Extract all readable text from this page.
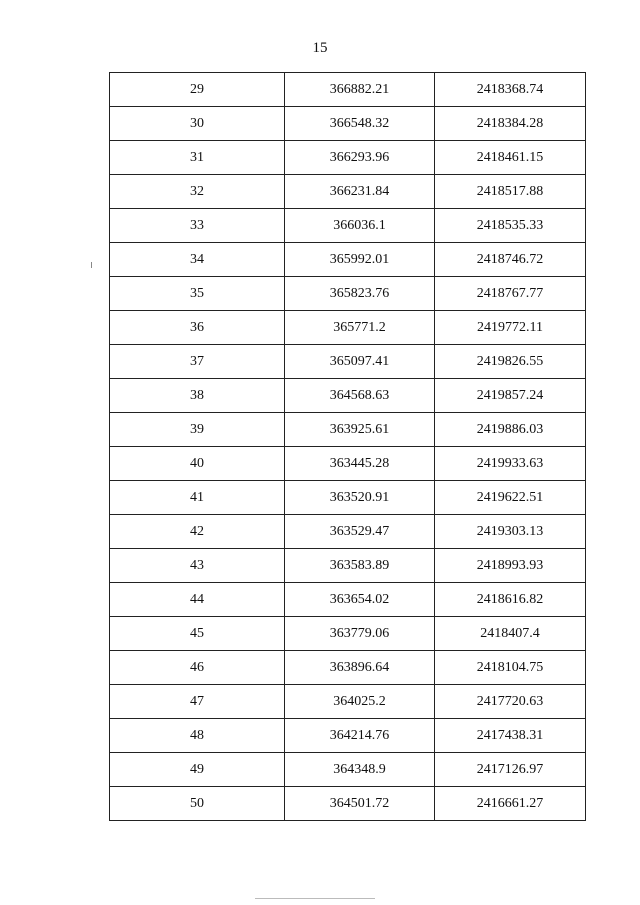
15
29	366882.21	2418368.74
30	366548.32	2418384.28
31	366293.96	2418461.15
32	366231.84	2418517.88
33	366036.1	2418535.33
34	365992.01	2418746.72
35	365823.76	2418767.77
36	365771.2	2419772.11
37	365097.41	2419826.55
38	364568.63	2419857.24
39	363925.61	2419886.03
40	363445.28	2419933.63
41	363520.91	2419622.51
42	363529.47	2419303.13
43	363583.89	2418993.93
44	363654.02	2418616.82
45	363779.06	2418407.4
46	363896.64	2418104.75
47	364025.2	2417720.63
48	364214.76	2417438.31
49	364348.9	2417126.97
50	364501.72	2416661.27
